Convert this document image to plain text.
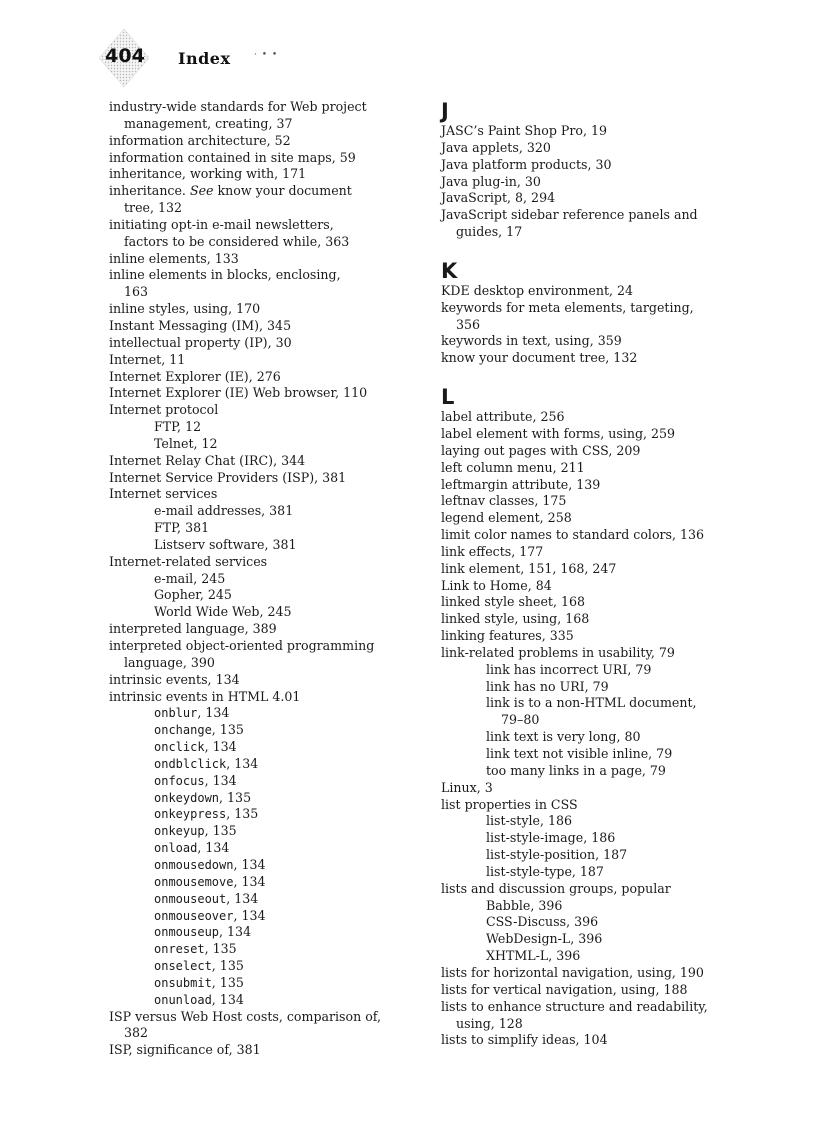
404 Index	· • •
industry-wide standards for Web project
management, creating, 37
information architecture, 52
information contained in site maps, 59
inheritance, working with, 171
inheritance. See know your document
tree, 132
initiating opt-in e-mail newsletters,
factors to be considered while, 363
inline elements, 133
inline elements in blocks, enclosing,
163
inline styles, using, 170
Instant Messaging (IM), 345
intellectual property (IP), 30
Internet, 11
Internet Explorer (IE), 276
Internet Explorer (IE) Web browser, 110
Internet protocol
FTP, 12
Telnet, 12
Internet Relay Chat (IRC), 344
Internet Service Providers (ISP), 381
Internet services
e-mail addresses, 381
FTP, 381
Listserv software, 381
Internet-related services
e-mail, 245
Gopher, 245
World Wide Web, 245
interpreted language, 389
interpreted object-oriented programming
language, 390
intrinsic events, 134
intrinsic events in HTML 4.01
onblur, 134
onchange, 135
onclick, 134
ondblclick, 134
onfocus, 134
onkeydown, 135
onkeypress, 135
onkeyup, 135
onload, 134
onmousedown, 134
onmousemove, 134
onmouseout, 134
onmouseover, 134
onmouseup, 134
onreset, 135
onselect, 135
onsubmit, 135
onunload, 134
ISP versus Web Host costs, comparison of,
382
ISP, significance of, 381
J
JASC’s Paint Shop Pro, 19
Java applets, 320
Java platform products, 30
Java plug-in, 30
JavaScript, 8, 294
JavaScript sidebar reference panels and
guides, 17
K
KDE desktop environment, 24
keywords for meta elements, targeting,
356
keywords in text, using, 359
know your document tree, 132
L
label attribute, 256
label element with forms, using, 259
laying out pages with CSS, 209
left column menu, 211
leftmargin attribute, 139
leftnav classes, 175
legend element, 258
limit color names to standard colors, 136
link effects, 177
link element, 151, 168, 247
Link to Home, 84
linked style sheet, 168
linked style, using, 168
linking features, 335
link-related problems in usability, 79
link has incorrect URI, 79
link has no URI, 79
link is to a non-HTML document,
79–80
link text is very long, 80
link text not visible inline, 79
too many links in a page, 79
Linux, 3
list properties in CSS
list-style, 186
list-style-image, 186
list-style-position, 187
list-style-type, 187
lists and discussion groups, popular
Babble, 396
CSS-Discuss, 396
WebDesign-L, 396
XHTML-L, 396
lists for horizontal navigation, using, 190
lists for vertical navigation, using, 188
lists to enhance structure and readability,
using, 128
lists to simplify ideas, 104
